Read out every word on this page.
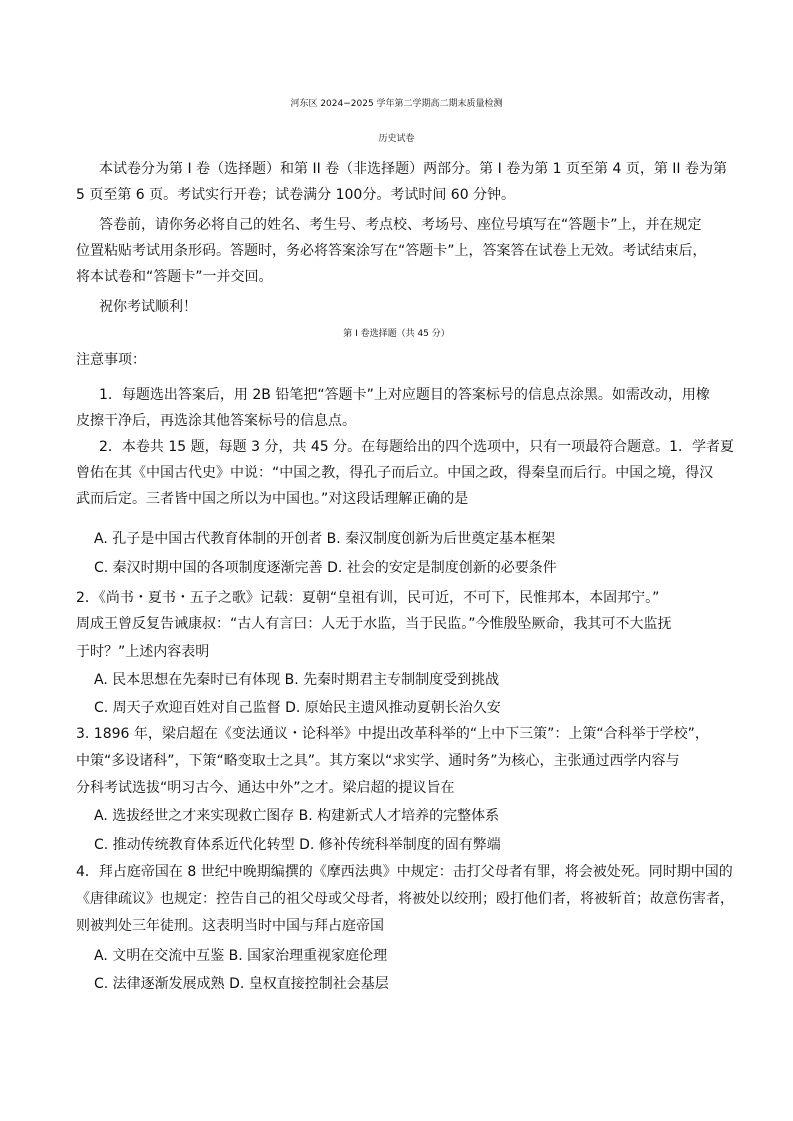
河东区 2024−2025 学年第二学期高二期末质量检测
历史试卷
本试卷分为第 I 卷（选择题）和第 II 卷（非选择题）两部分。第 I 卷为第 1 页至第 4 页，第 II 卷为第
5 页至第 6 页。考试实行开卷；试卷满分 100分。考试时间 60 分钟。
答卷前，请你务必将自己的姓名、考生号、考点校、考场号、座位号填写在“答题卡”上，并在规定
位置粘贴考试用条形码。答题时，务必将答案涂写在“答题卡”上，答案答在试卷上无效。考试结束后，
将本试卷和“答题卡”一并交回。
祝你考试顺利！
第 I 卷选择题（共 45 分）
注意事项：
1．每题选出答案后，用 2B 铅笔把“答题卡”上对应题目的答案标号的信息点涂黑。如需改动，用橡
皮擦干净后，再选涂其他答案标号的信息点。
2．本卷共 15 题，每题 3 分，共 45 分。在每题给出的四个选项中，只有一项最符合题意。1．学者夏
曾佑在其《中国古代史》中说：“中国之教，得孔子而后立。中国之政，得秦皇而后行。中国之境，得汉
武而后定。三者皆中国之所以为中国也。”对这段话理解正确的是
A. 孔子是中国古代教育体制的开创者 B. 秦汉制度创新为后世奠定基本框架
C. 秦汉时期中国的各项制度逐渐完善 D. 社会的安定是制度创新的必要条件
2．《尚书・夏书・五子之歌》记载：夏朝“皇祖有训，民可近，不可下，民惟邦本，本固邦宁。”
周成王曾反复告诫康叔：“古人有言曰：人无于水监，当于民监。”今惟殷坠厥命，我其可不大监抚
于时？”上述内容表明
A. 民本思想在先秦时已有体现 B. 先秦时期君主专制制度受到挑战
C. 周天子欢迎百姓对自己监督 D. 原始民主遗风推动夏朝长治久安
3. 1896 年，梁启超在《变法通议・论科举》中提出改革科举的“上中下三策”：上策“合科举于学校”，
中策“多设诸科”，下策“略变取士之具”。其方案以“求实学、通时务”为核心，主张通过西学内容与
分科考试选拔“明习古今、通达中外”之才。梁启超的提议旨在
A. 选拔经世之才来实现救亡图存 B. 构建新式人才培养的完整体系
C. 推动传统教育体系近代化转型 D. 修补传统科举制度的固有弊端
4．拜占庭帝国在 8 世纪中晚期编撰的《摩西法典》中规定：击打父母者有罪，将会被处死。同时期中国的
《唐律疏议》也规定：控告自己的祖父母或父母者，将被处以绞刑；殴打他们者，将被斩首；故意伤害者，
则被判处三年徒刑。这表明当时中国与拜占庭帝国
A. 文明在交流中互鉴 B. 国家治理重视家庭伦理
C. 法律逐渐发展成熟 D. 皇权直接控制社会基层
